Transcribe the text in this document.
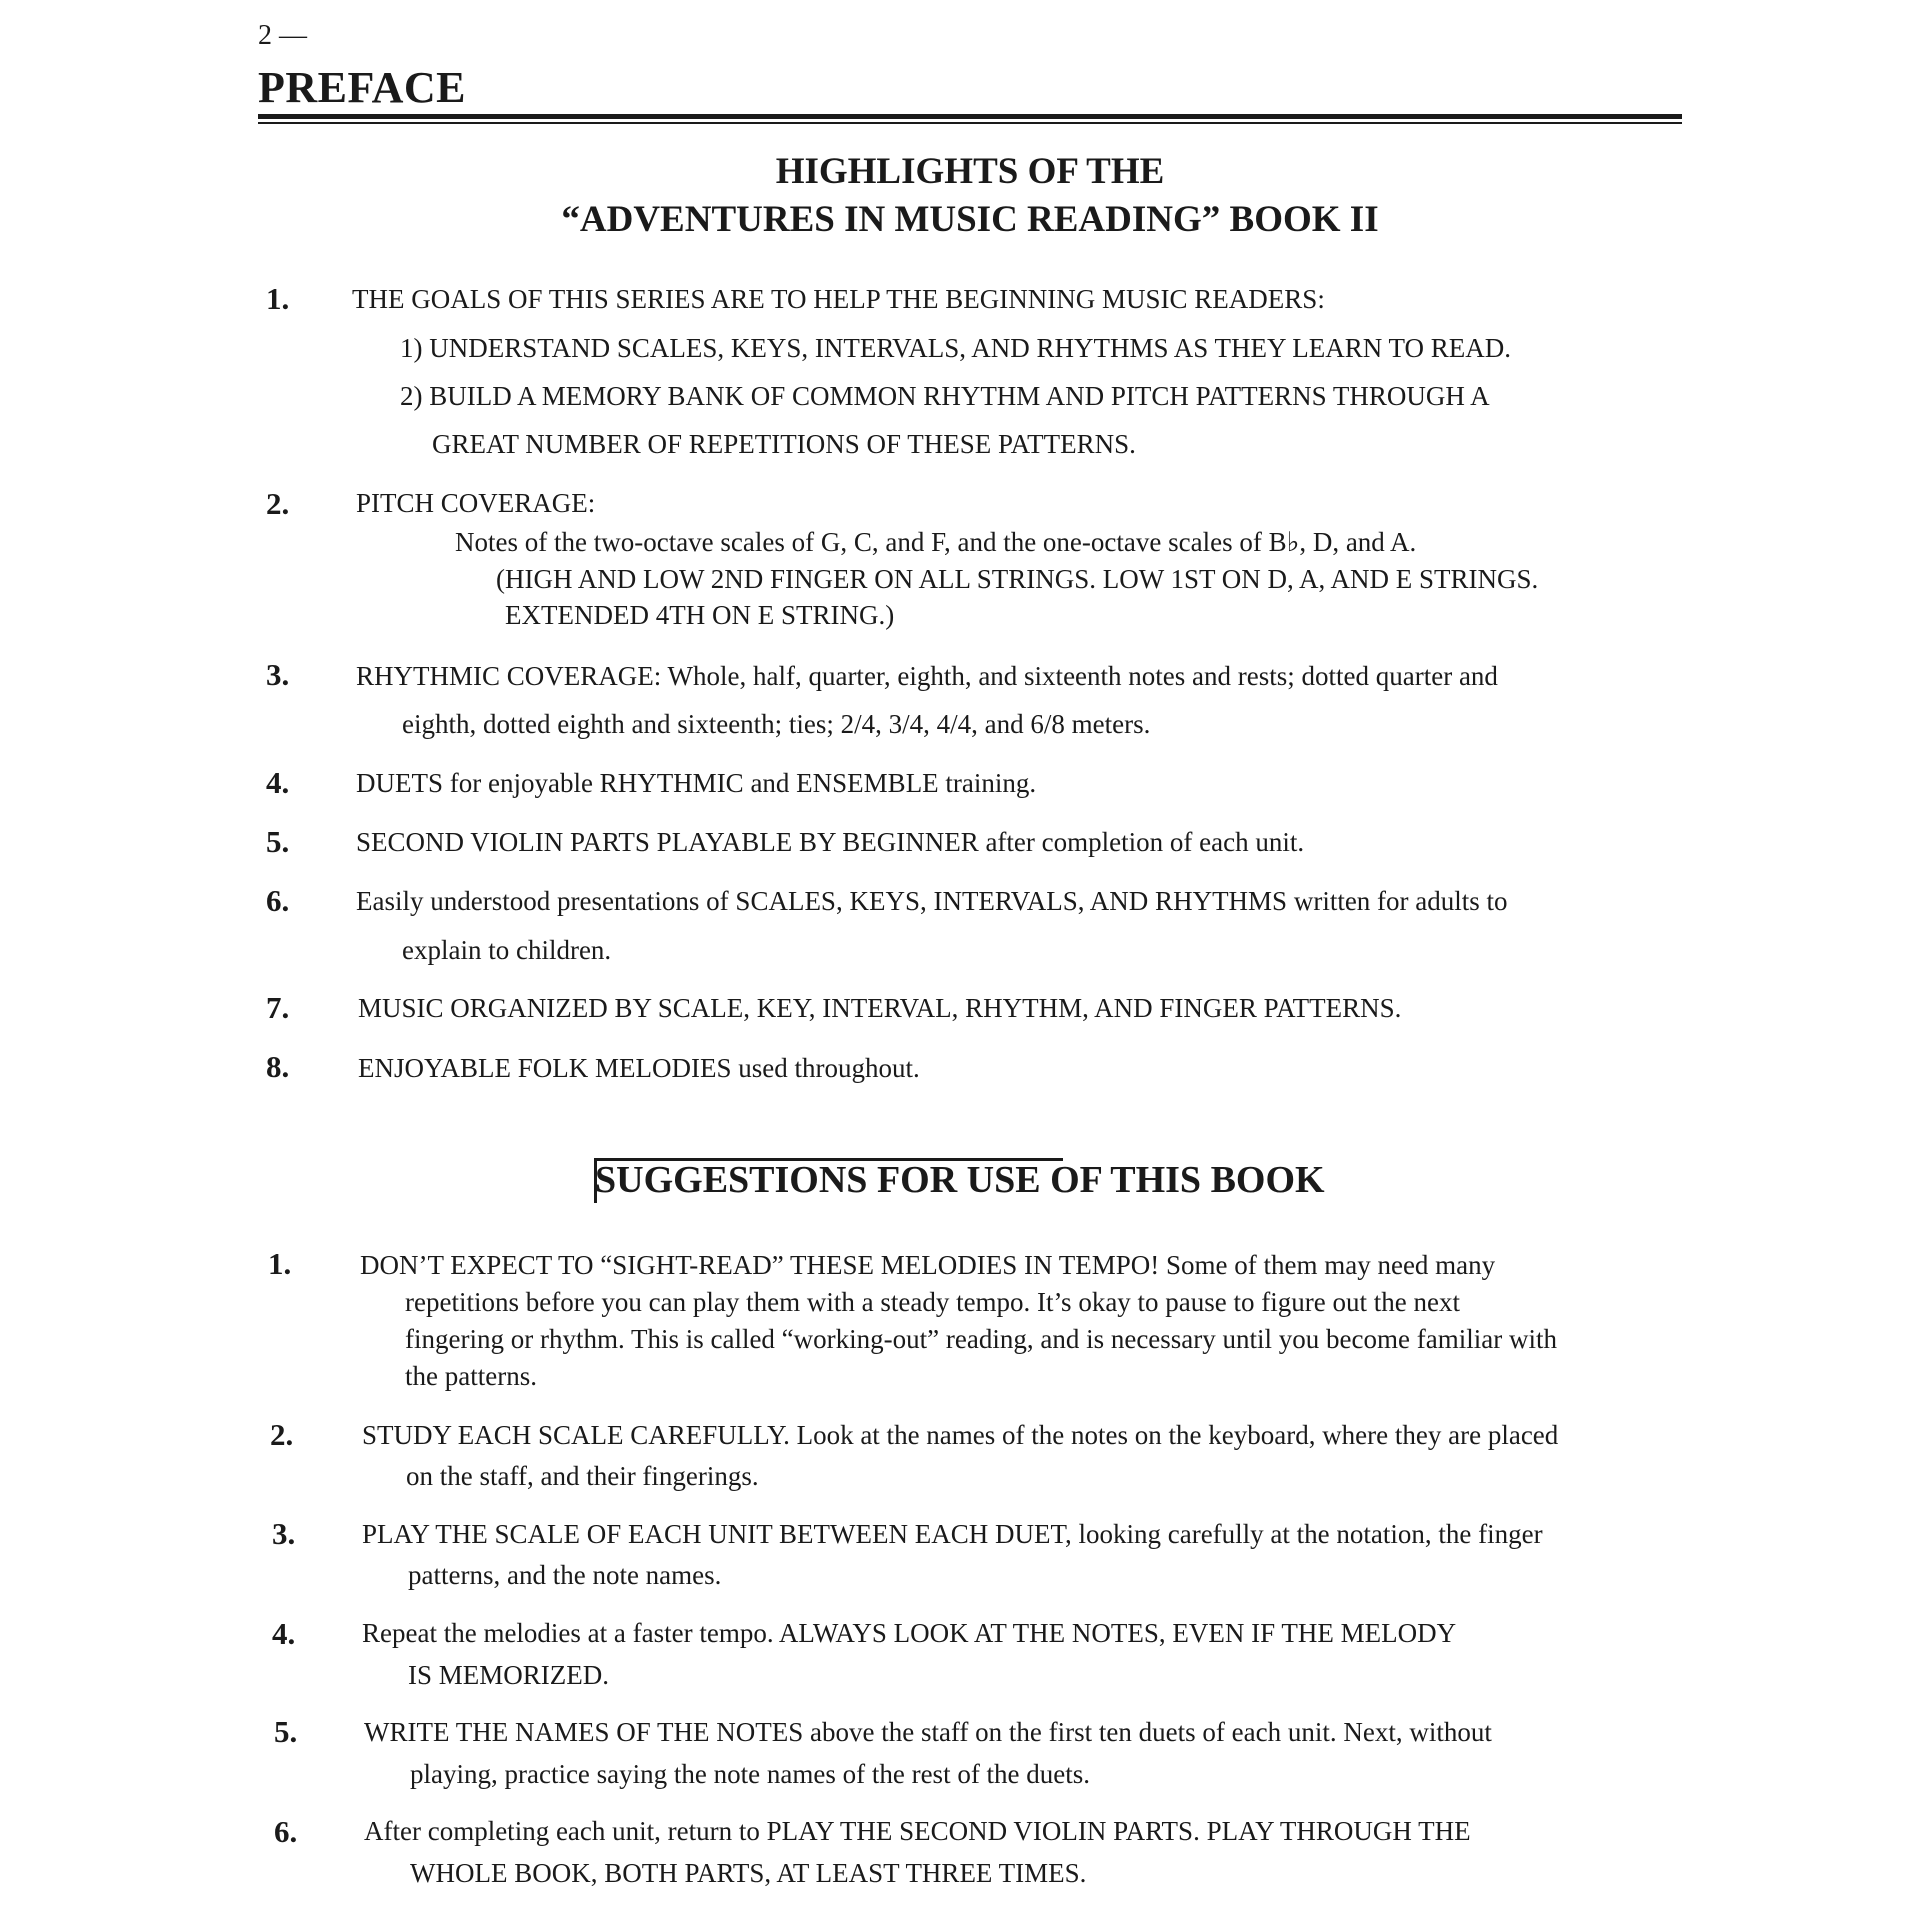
2 —
PREFACE
HIGHLIGHTS OF THE
“ADVENTURES IN MUSIC READING” BOOK II
1. THE GOALS OF THIS SERIES ARE TO HELP THE BEGINNING MUSIC READERS:
1) UNDERSTAND SCALES, KEYS, INTERVALS, AND RHYTHMS AS THEY LEARN TO READ.
2) BUILD A MEMORY BANK OF COMMON RHYTHM AND PITCH PATTERNS THROUGH A
GREAT NUMBER OF REPETITIONS OF THESE PATTERNS.
2. PITCH COVERAGE:
Notes of the two-octave scales of G, C, and F, and the one-octave scales of B♭, D, and A.
(HIGH AND LOW 2ND FINGER ON ALL STRINGS. LOW 1ST ON D, A, AND E STRINGS.
EXTENDED 4TH ON E STRING.)
3. RHYTHMIC COVERAGE: Whole, half, quarter, eighth, and sixteenth notes and rests; dotted quarter and
eighth, dotted eighth and sixteenth; ties; 2/4, 3/4, 4/4, and 6/8 meters.
4. DUETS for enjoyable RHYTHMIC and ENSEMBLE training.
5. SECOND VIOLIN PARTS PLAYABLE BY BEGINNER after completion of each unit.
6. Easily understood presentations of SCALES, KEYS, INTERVALS, AND RHYTHMS written for adults to
explain to children.
7.	MUSIC ORGANIZED BY SCALE, KEY, INTERVAL, RHYTHM, AND FINGER PATTERNS.
8.	ENJOYABLE FOLK MELODIES used throughout.
SUGGESTIONS FOR USE OF THIS BOOK
1.	DON’T EXPECT TO “SIGHT-READ” THESE MELODIES IN TEMPO! Some of them may need many
repetitions before you can play them with a steady tempo. It’s okay to pause to figure out the next
fingering or rhythm. This is called “working-out” reading, and is necessary until you become familiar with
the patterns.
2.	STUDY EACH SCALE CAREFULLY. Look at the names of the notes on the keyboard, where they are placed
on the staff, and their fingerings.
3. PLAY THE SCALE OF EACH UNIT BETWEEN EACH DUET, looking carefully at the notation, the finger
patterns, and the note names.
4. Repeat the melodies at a faster tempo. ALWAYS LOOK AT THE NOTES, EVEN IF THE MELODY
IS MEMORIZED.
5. WRITE THE NAMES OF THE NOTES above the staff on the first ten duets of each unit. Next, without
playing, practice saying the note names of the rest of the duets.
6. After completing each unit, return to PLAY THE SECOND VIOLIN PARTS. PLAY THROUGH THE
WHOLE BOOK, BOTH PARTS, AT LEAST THREE TIMES.
